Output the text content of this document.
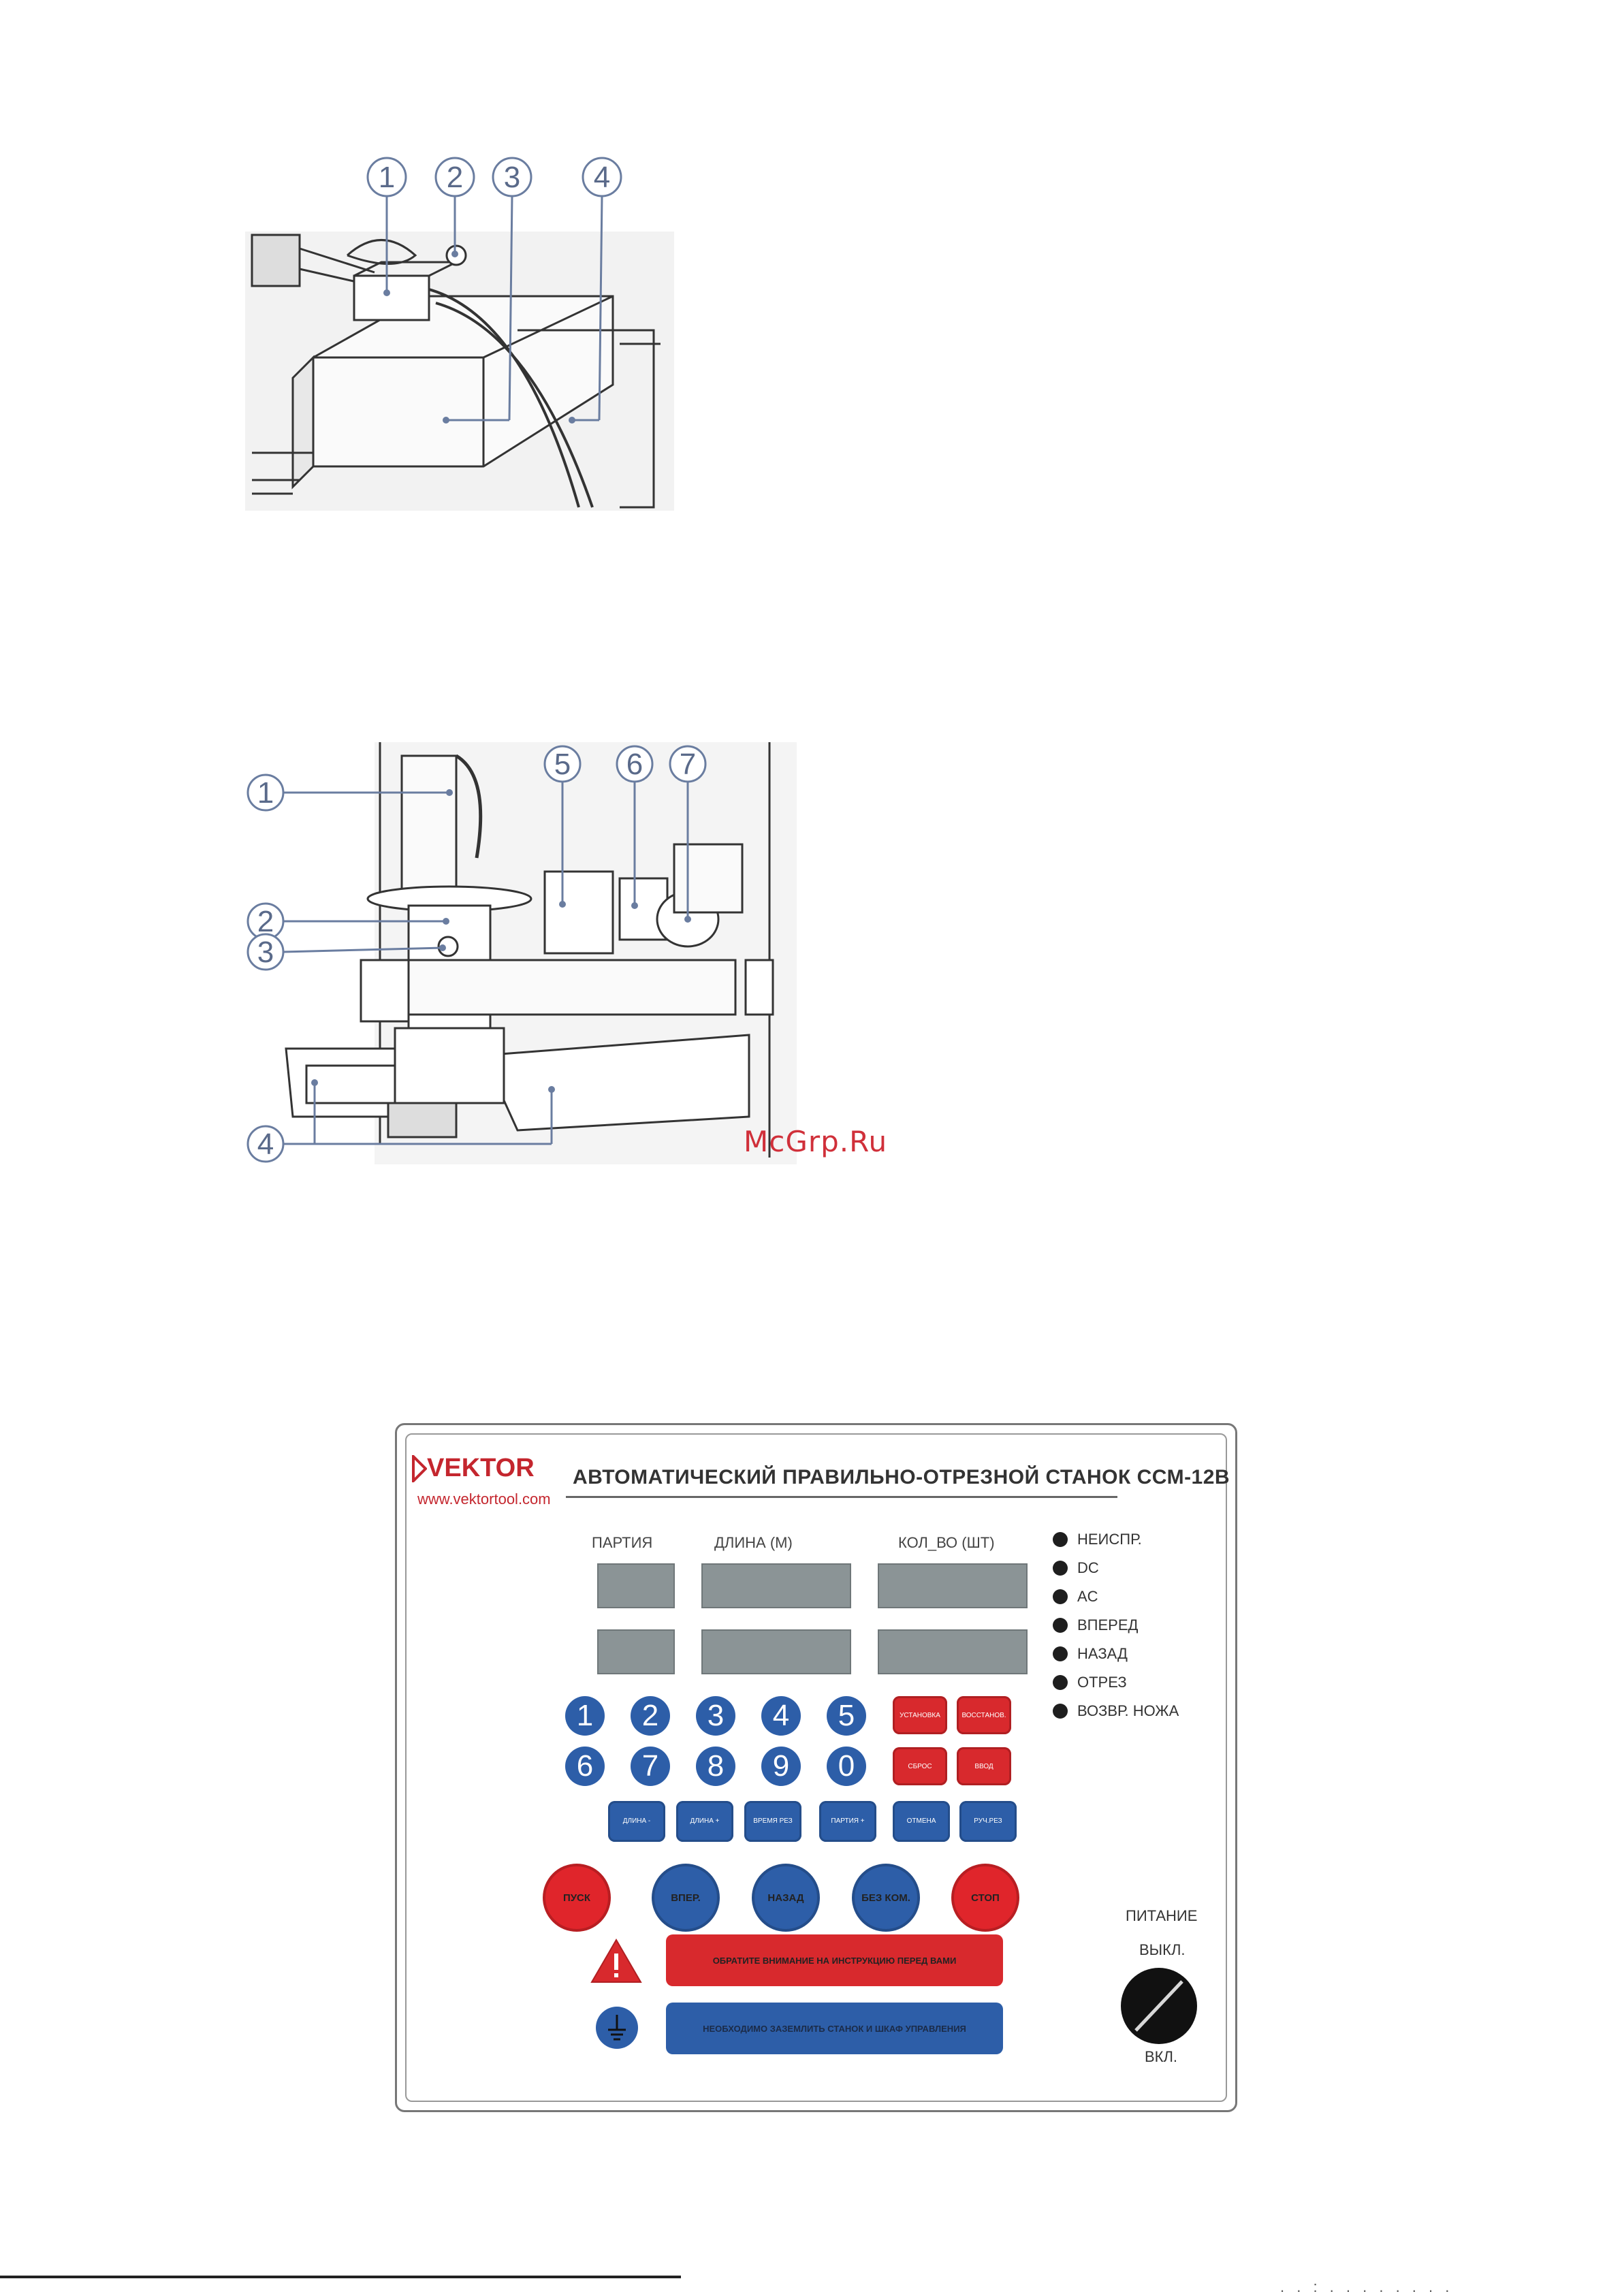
1 2 3 4
1
2
3
4
5 6 7
McGrp.Ru
VEKTOR
www.vektortool.com
АВТОМАТИЧЕСКИЙ ПРАВИЛЬНО-ОТРЕЗНОЙ СТАНОК ССМ-12В
ПАРТИЯ	ДЛИНА (М)	КОЛ_ВО (ШТ)	НЕИСПР.
DC
AC
ВПЕРЕД
НАЗАД
ОТРЕЗ
ВОЗВР. НОЖА
1	2	3	4	5
6	7	8	9	0
УСТАНОВКА	ВОССТАНОВ.
СБРОС	ВВОД
ДЛИНА -	ДЛИНА +	ВРЕМЯ РЕЗ	ПАРТИЯ +	ОТМЕНА	РУЧ.РЕЗ
ПУСК	ВПЕР.	НАЗАД	БЕЗ КОМ.	СТОП
ОБРАТИТЕ ВНИМАНИЕ НА ИНСТРУКЦИЮ ПЕРЕД ВАМИ
НЕОБХОДИМО ЗАЗЕМЛИТЬ СТАНОК И ШКАФ УПРАВЛЕНИЯ
ПИТАНИЕ
ВЫКЛ.
ВКЛ.
. . : . . . . . . . .
